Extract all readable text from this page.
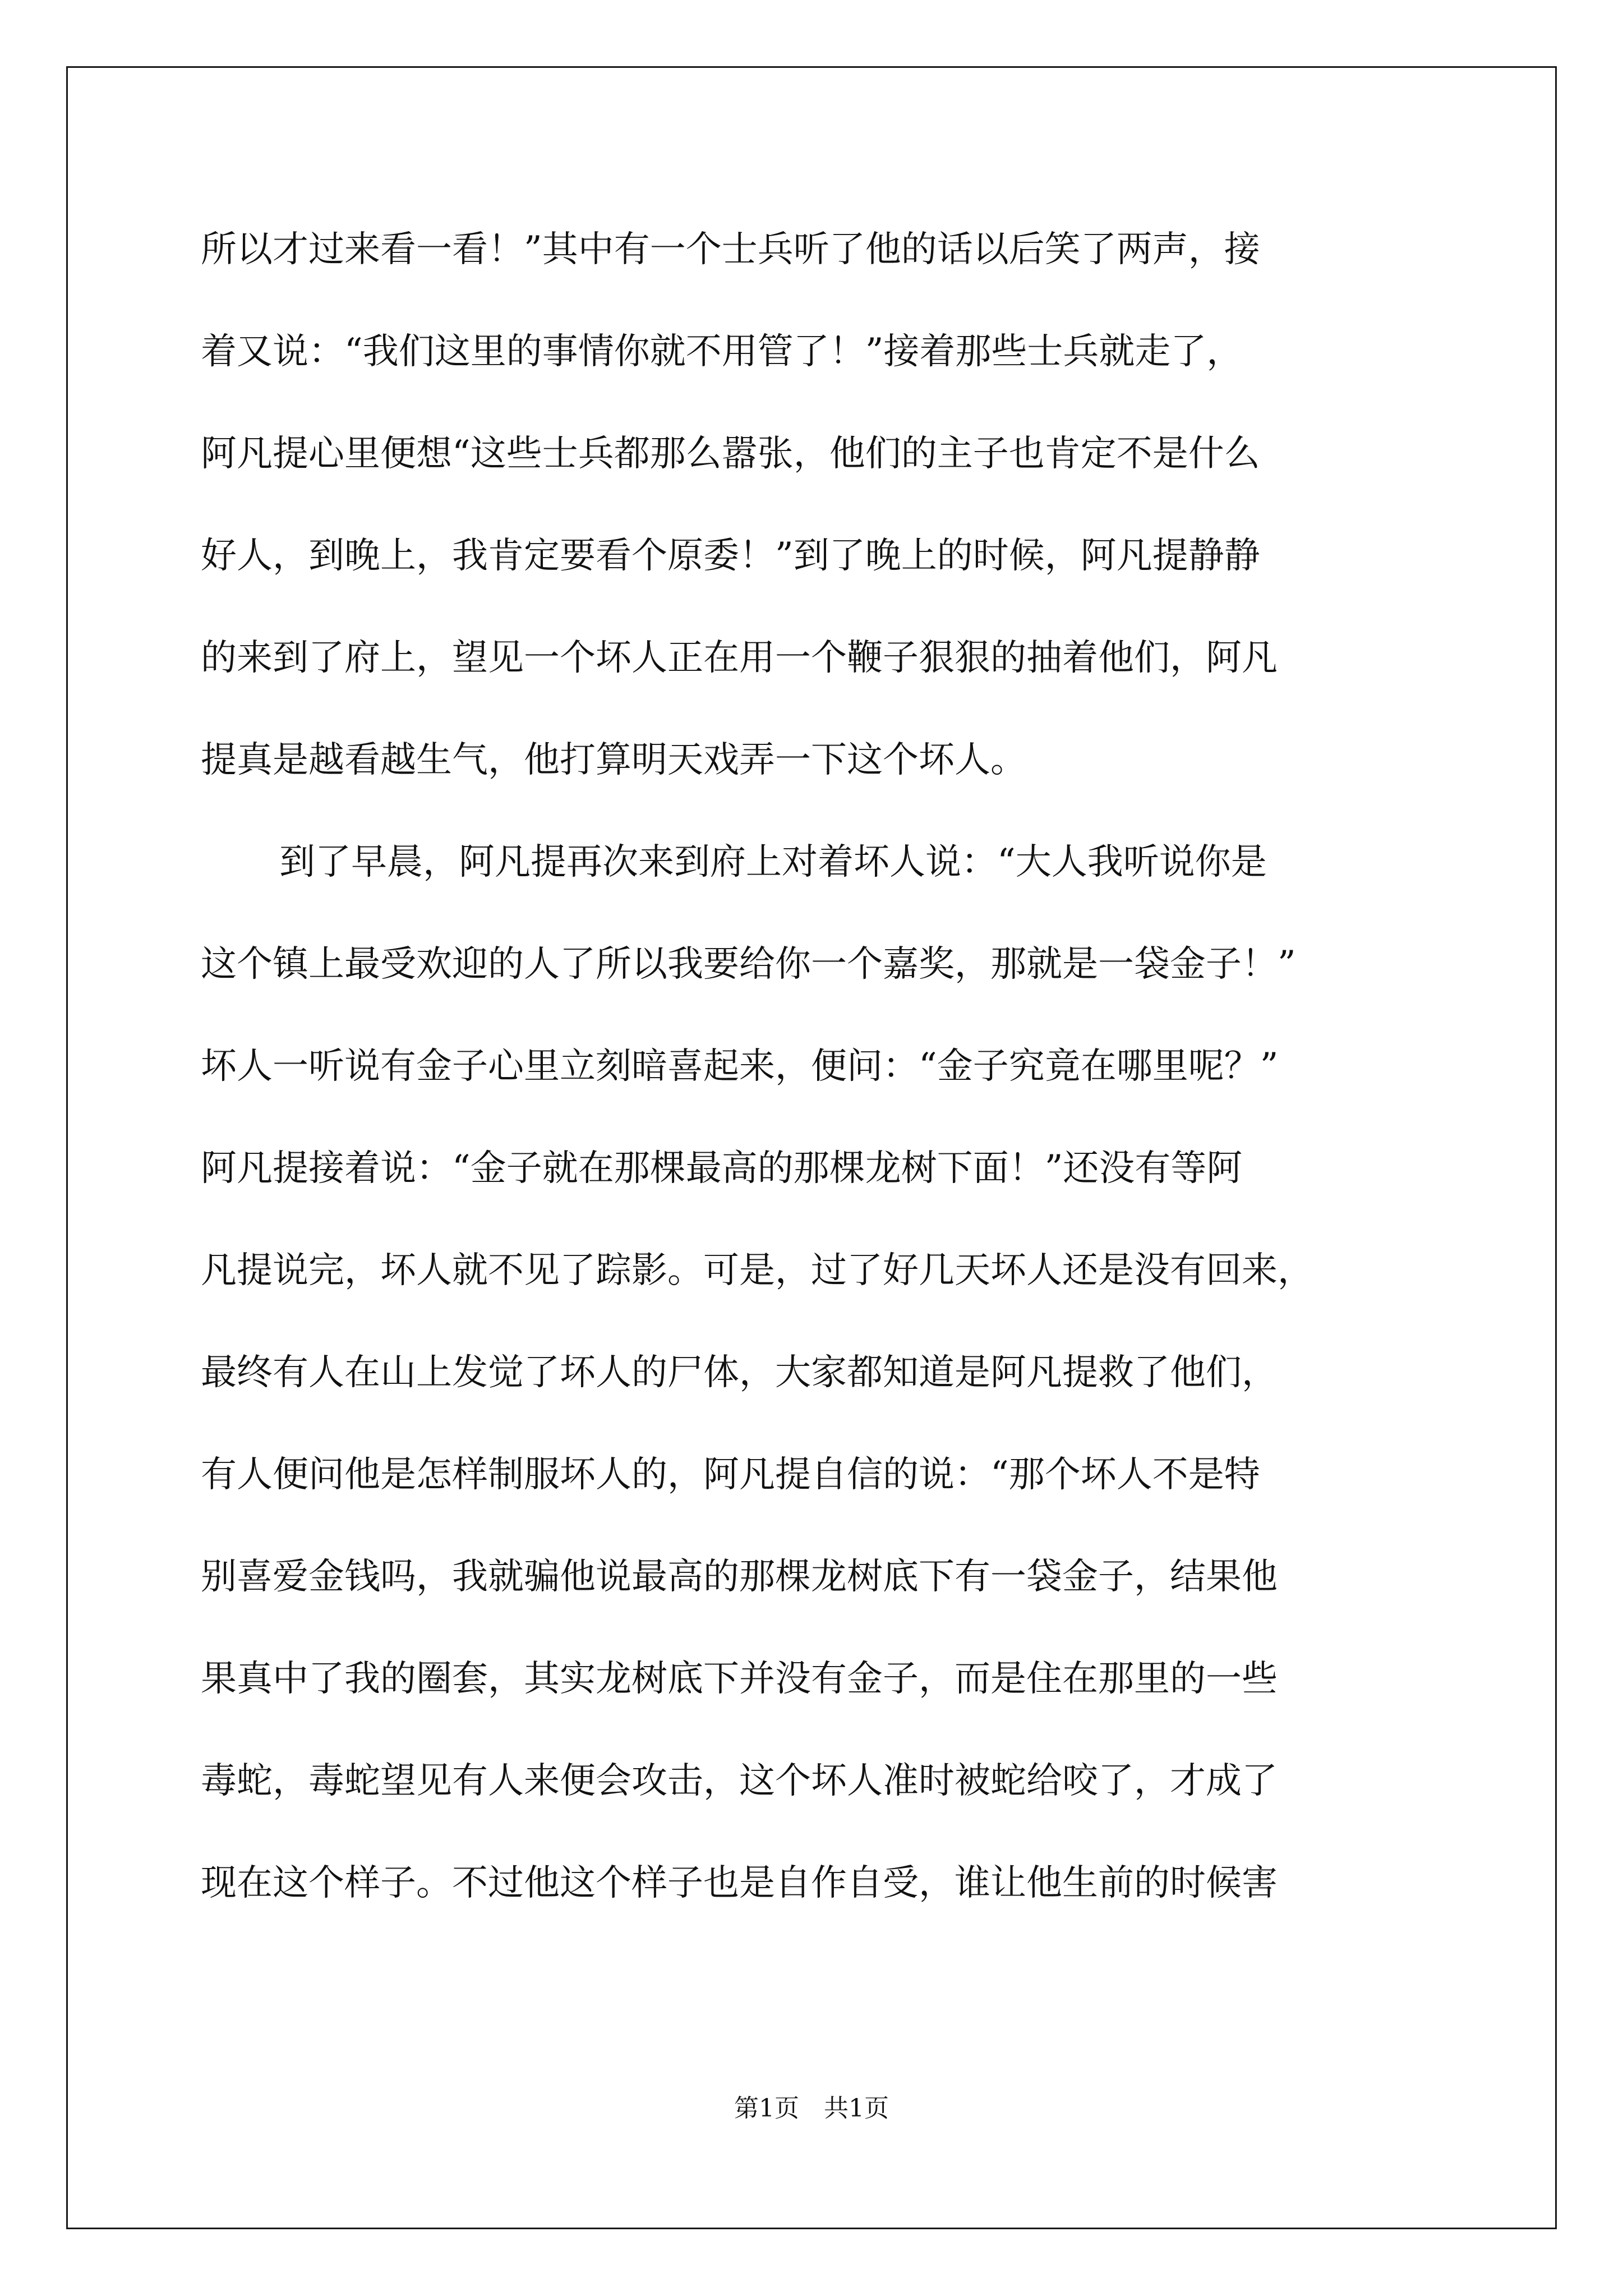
所以才过来看一看！”其中有一个士兵听了他的话以后笑了两声，接
着又说：“我们这里的事情你就不用管了！”接着那些士兵就走了，
阿凡提心里便想“这些士兵都那么嚣张，他们的主子也肯定不是什么
好人，到晚上，我肯定要看个原委！”到了晚上的时候，阿凡提静静
的来到了府上，望见一个坏人正在用一个鞭子狠狠的抽着他们，阿凡
提真是越看越生气，他打算明天戏弄一下这个坏人。
到了早晨，阿凡提再次来到府上对着坏人说：“大人我听说你是
这个镇上最受欢迎的人了所以我要给你一个嘉奖，那就是一袋金子！”
坏人一听说有金子心里立刻暗喜起来，便问：“金子究竟在哪里呢？”
阿凡提接着说：“金子就在那棵最高的那棵龙树下面！”还没有等阿
凡提说完，坏人就不见了踪影。可是，过了好几天坏人还是没有回来，
最终有人在山上发觉了坏人的尸体，大家都知道是阿凡提救了他们，
有人便问他是怎样制服坏人的，阿凡提自信的说：“那个坏人不是特
别喜爱金钱吗，我就骗他说最高的那棵龙树底下有一袋金子，结果他
果真中了我的圈套，其实龙树底下并没有金子，而是住在那里的一些
毒蛇，毒蛇望见有人来便会攻击，这个坏人准时被蛇给咬了，才成了
现在这个样子。不过他这个样子也是自作自受，谁让他生前的时候害
第1页　共1页
